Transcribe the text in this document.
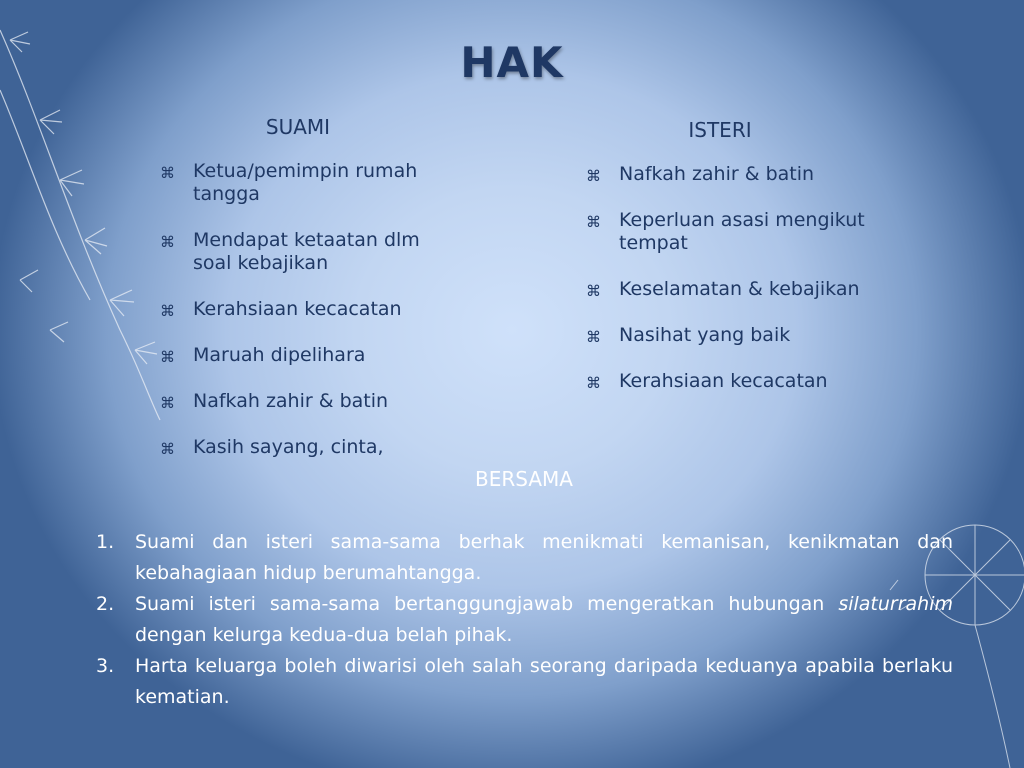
HAK
SUAMI
⌘ Ketua/pemimpin rumah tangga
⌘ Mendapat ketaatan dlm soal kebajikan
⌘ Kerahsiaan kecacatan
⌘ Maruah dipelihara
⌘ Nafkah zahir & batin
⌘ Kasih sayang, cinta,
ISTERI
⌘ Nafkah zahir & batin
⌘ Keperluan asasi mengikut tempat
⌘ Keselamatan & kebajikan
⌘ Nasihat yang baik
⌘ Kerahsiaan kecacatan
BERSAMA
1. Suami dan isteri sama-sama berhak menikmati kemanisan, kenikmatan dan kebahagiaan hidup berumahtangga.
2. Suami isteri sama-sama bertanggungjawab mengeratkan hubungan silaturrahim dengan kelurga kedua-dua belah pihak.
3. Harta keluarga boleh diwarisi oleh salah seorang daripada keduanya apabila berlaku kematian.
